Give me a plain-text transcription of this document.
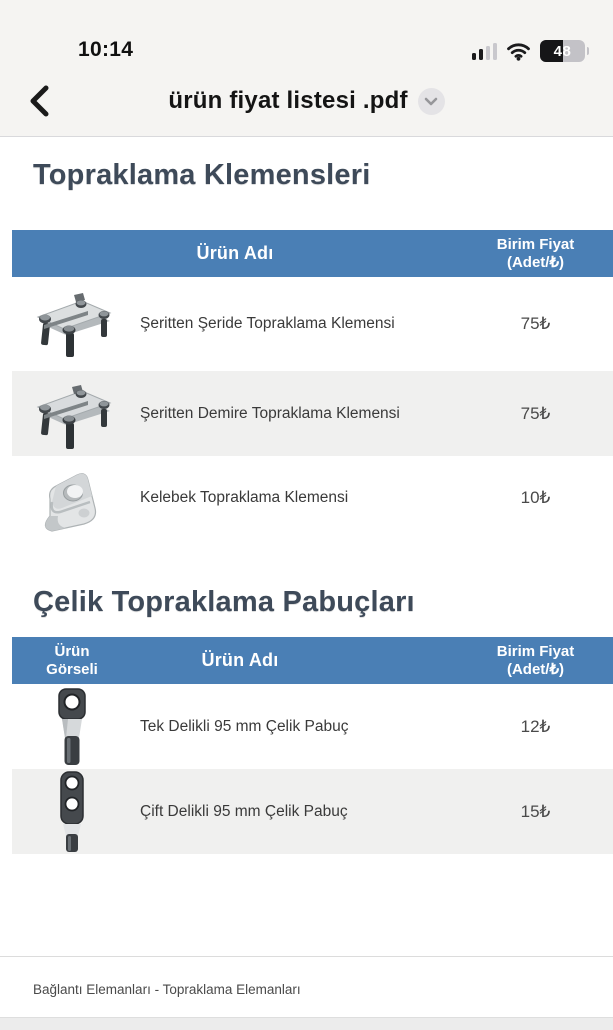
10:14	48
ürün fiyat listesi .pdf
Topraklama Klemensleri
Ürün Adı	Birim Fiyat
(Adet/₺)
Şeritten Şeride Topraklama Klemensi	75₺
Şeritten Demire Topraklama Klemensi	75₺
Kelebek Topraklama Klemensi	10₺
Çelik Topraklama Pabuçları
Ürün
Görseli	Ürün Adı	Birim Fiyat
(Adet/₺)
Tek Delikli 95 mm Çelik Pabuç	12₺
Çift Delikli 95 mm Çelik Pabuç	15₺
Bağlantı Elemanları - Topraklama Elemanları
